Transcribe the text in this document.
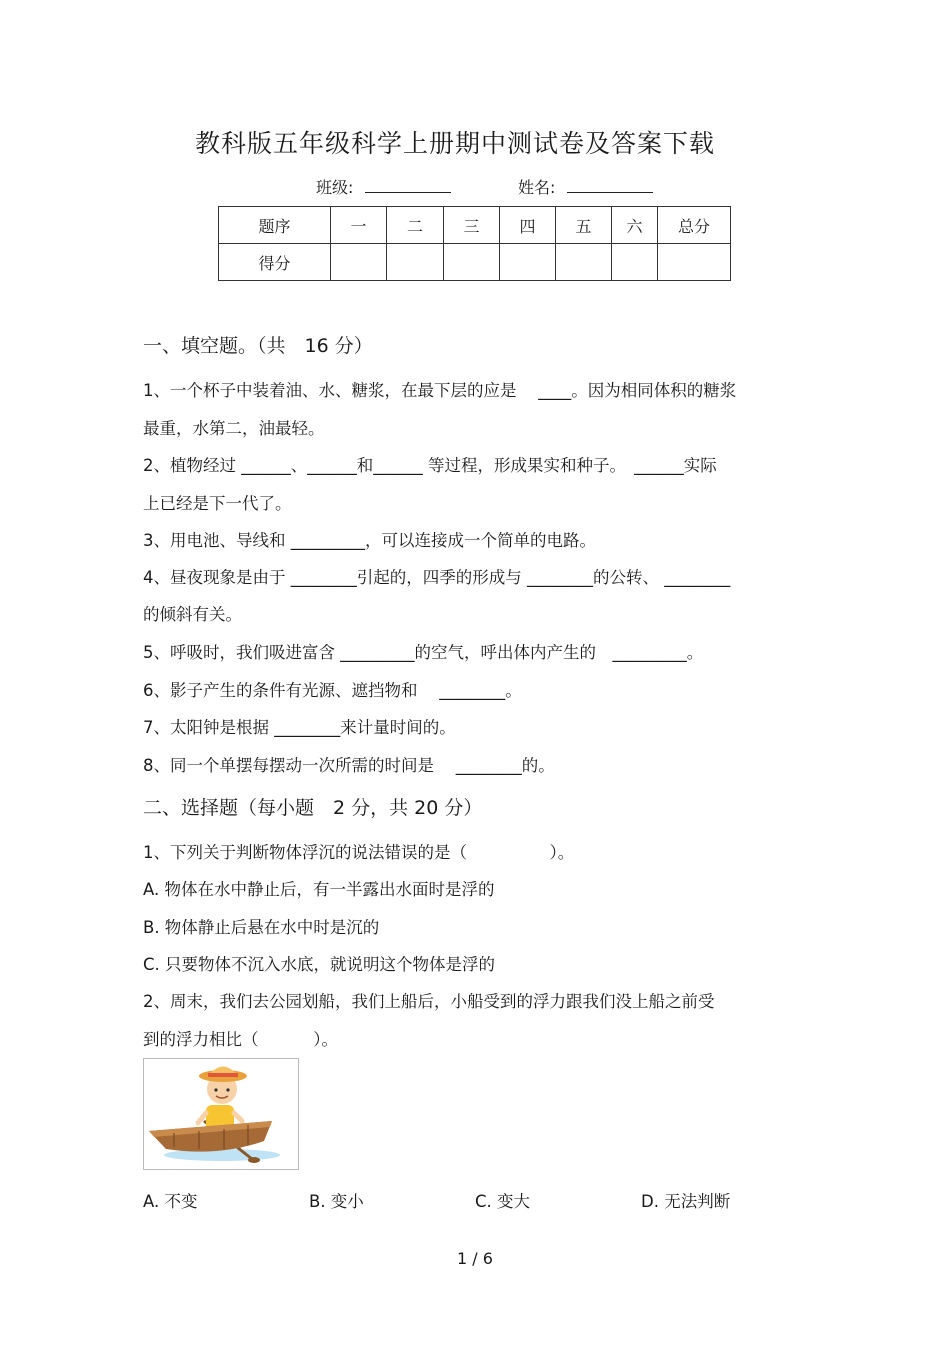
教科版五年级科学上册期中测试卷及答案下载
班级:	姓名:
题序	一	二	三	四	五	六	总分
得分							
一、填空题。（共　16 分）
1、一个杯子中装着油、水、糖浆，在最下层的应是　 ____。因为相同体积的糖浆
最重，水第二，油最轻。
2、植物经过 ______、______和______ 等过程，形成果实和种子。　______实际
上已经是下一代了。
3、用电池、导线和 _________，可以连接成一个简单的电路。
4、昼夜现象是由于 ________引起的，四季的形成与 ________的公转、 ________
的倾斜有关。
5、呼吸时，我们吸进富含 _________的空气，呼出体内产生的　_________。
6、影子产生的条件有光源、遮挡物和　 ________。
7、太阳钟是根据 ________来计量时间的。
8、同一个单摆每摆动一次所需的时间是　 ________的。
二、选择题（每小题　2 分，共 20 分）
1、下列关于判断物体浮沉的说法错误的是（　　　　　）。
A. 物体在水中静止后，有一半露出水面时是浮的
B. 物体静止后悬在水中时是沉的
C. 只要物体不沉入水底，就说明这个物体是浮的
2、周末，我们去公园划船，我们上船后，小船受到的浮力跟我们没上船之前受
到的浮力相比（　　　 ）。
A. 不变	B. 变小	C. 变大	D. 无法判断
1 / 6
